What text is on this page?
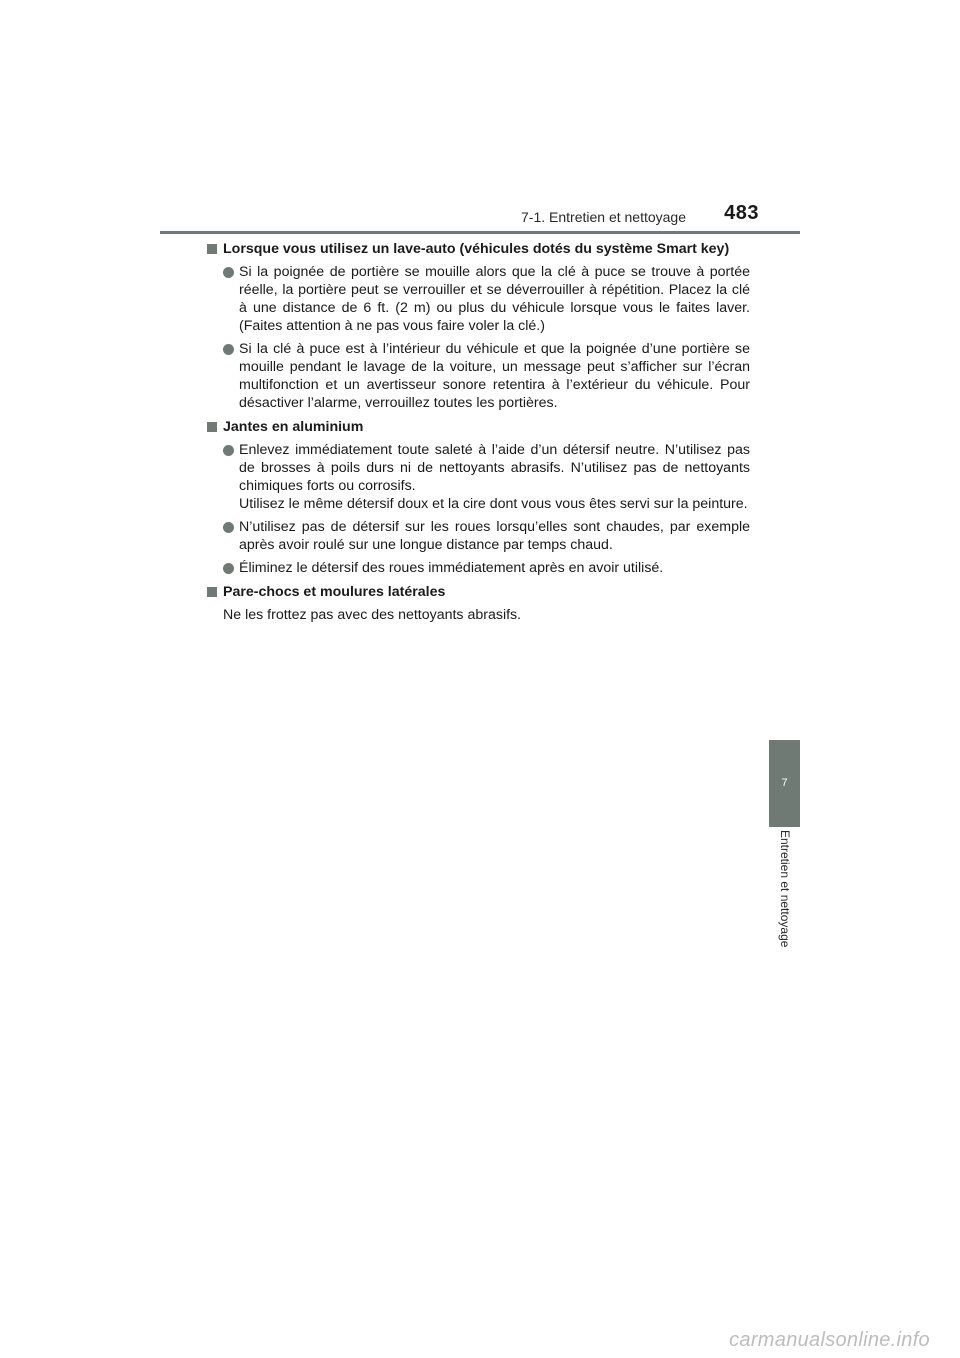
7-1. Entretien et nettoyage 483
7
Entretien et nettoyage
Lorsque vous utilisez un lave-auto (véhicules dotés du système Smart key)

Si la poignée de portière se mouille alors que la clé à puce se trouve à portée réelle, la portière peut se verrouiller et se déverrouiller à répétition. Placez la clé à une distance de 6 ft. (2 m) ou plus du véhicule lorsque vous le faites laver. (Faites attention à ne pas vous faire voler la clé.)

Si la clé à puce est à l’intérieur du véhicule et que la poignée d’une portière se mouille pendant le lavage de la voiture, un message peut s’afficher sur l’écran multifonction et un avertisseur sonore retentira à l’extérieur du véhicule. Pour désactiver l’alarme, verrouillez toutes les portières.

Jantes en aluminium

Enlevez immédiatement toute saleté à l’aide d’un détersif neutre. N’utilisez pas de brosses à poils durs ni de nettoyants abrasifs. N’utilisez pas de nettoyants chimiques forts ou corrosifs.

Utilisez le même détersif doux et la cire dont vous vous êtes servi sur la peinture.

N’utilisez pas de détersif sur les roues lorsqu’elles sont chaudes, par exemple après avoir roulé sur une longue distance par temps chaud.

Éliminez le détersif des roues immédiatement après en avoir utilisé.

Pare-chocs et moulures latérales

Ne les frottez pas avec des nettoyants abrasifs.

carmanualsonline.info
